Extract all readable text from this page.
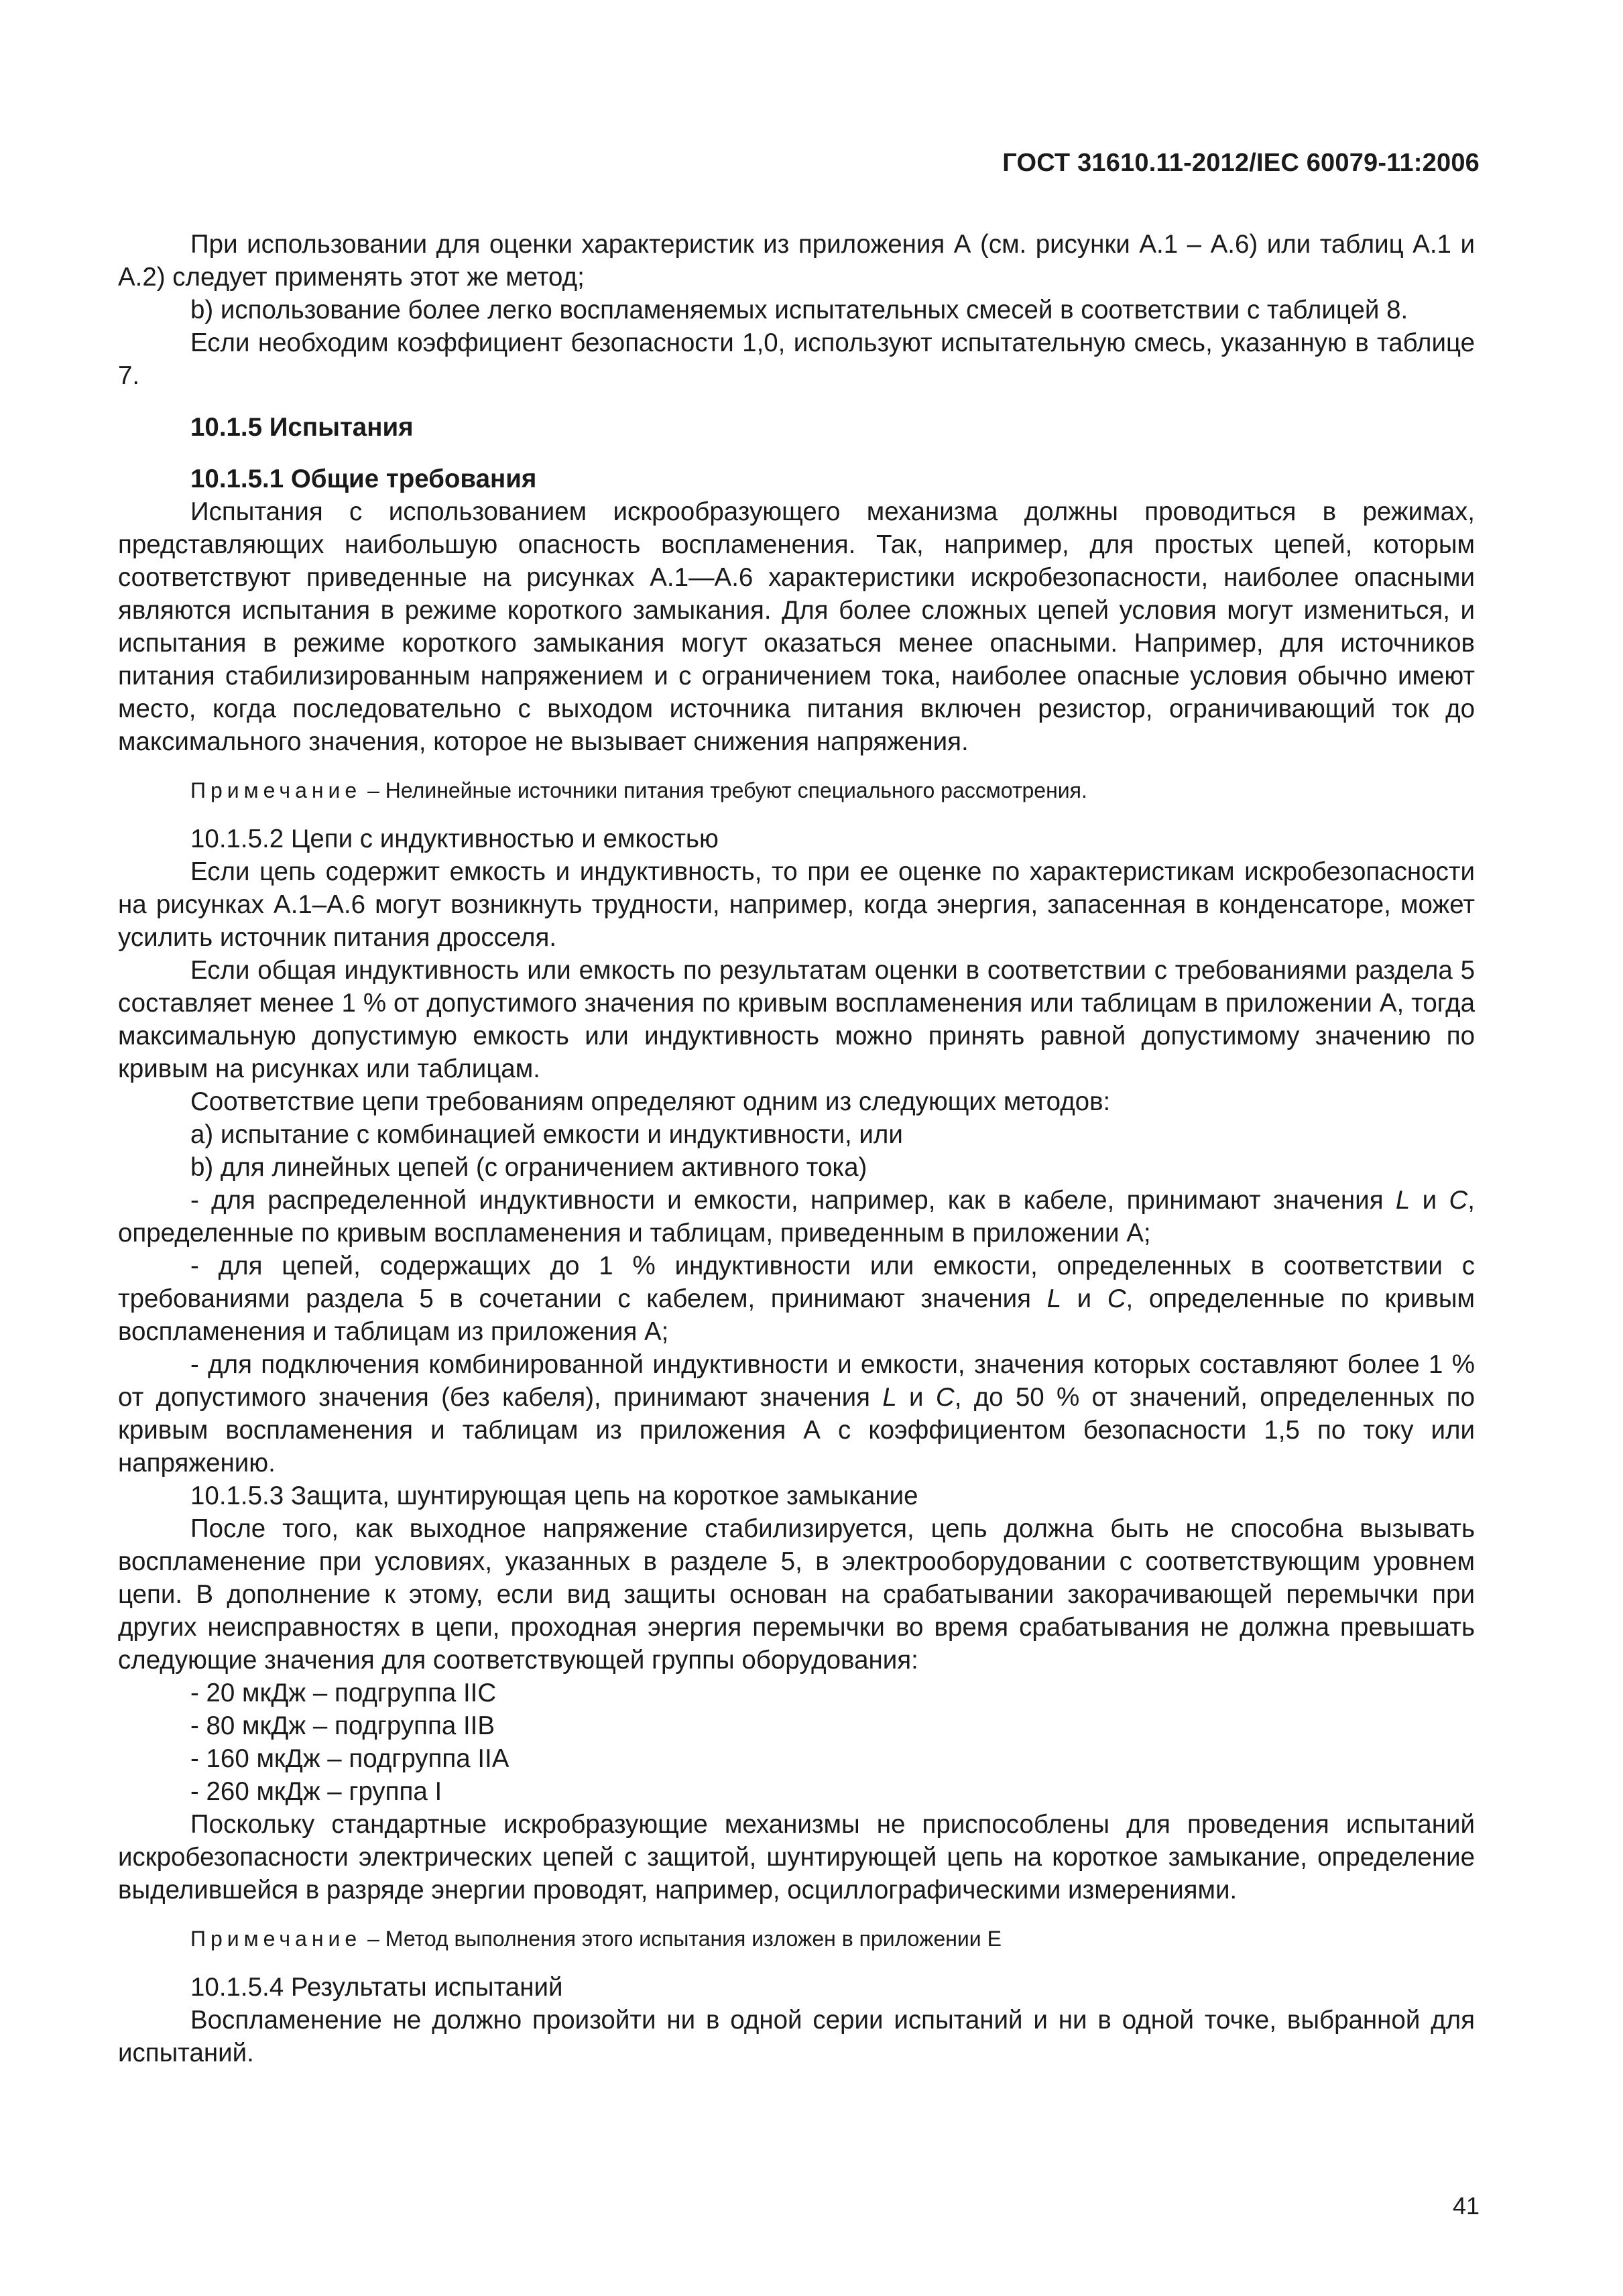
ГОСТ 31610.11-2012/IEC 60079-11:2006

При использовании для оценки характеристик из приложения А (см. рисунки А.1 – А.6) или таблиц А.1 и А.2) следует применять этот же метод;

b) использование более легко воспламеняемых испытательных смесей в соответствии с таблицей 8.

Если необходим коэффициент безопасности 1,0, используют испытательную смесь, указанную в таблице 7.

10.1.5 Испытания

10.1.5.1 Общие требования

Испытания с использованием искрообразующего механизма должны проводиться в режимах, представляющих наибольшую опасность воспламенения. Так, например, для простых цепей, которым соответствуют приведенные на рисунках А.1—А.6 характеристики искробезопасности, наиболее опасными являются испытания в режиме короткого замыкания. Для более сложных цепей условия могут измениться, и испытания в режиме короткого замыкания могут оказаться менее опасными. Например, для источников питания стабилизированным напряжением и с ограничением тока, наиболее опасные условия обычно имеют место, когда последовательно с выходом источника питания включен резистор, ограничивающий ток до максимального значения, которое не вызывает снижения напряжения.

Примечание – Нелинейные источники питания требуют специального рассмотрения.

10.1.5.2 Цепи с индуктивностью и емкостью

Если цепь содержит емкость и индуктивность, то при ее оценке по характеристикам искробезопасности на рисунках А.1–А.6 могут возникнуть трудности, например, когда энергия, запасенная в конденсаторе, может усилить источник питания дросселя.

Если общая индуктивность или емкость по результатам оценки в соответствии с требованиями раздела 5 составляет менее 1 % от допустимого значения по кривым воспламенения или таблицам в приложении А, тогда максимальную допустимую емкость или индуктивность можно принять равной допустимому значению по кривым на рисунках или таблицам.

Соответствие цепи требованиям определяют одним из следующих методов:

а) испытание с комбинацией емкости и индуктивности, или

b) для линейных цепей (с ограничением активного тока)

- для распределенной индуктивности и емкости, например, как в кабеле, принимают значения L и C, определенные по кривым воспламенения и таблицам, приведенным в приложении А;

- для цепей, содержащих до 1 % индуктивности или емкости, определенных в соответствии с требованиями раздела 5 в сочетании с кабелем, принимают значения L и C, определенные по кривым воспламенения и таблицам из приложения А;

- для подключения комбинированной индуктивности и емкости, значения которых составляют более 1 % от допустимого значения (без кабеля), принимают значения L и C, до 50 % от значений, определенных по кривым воспламенения и таблицам из приложения А с коэффициентом безопасности 1,5 по току или напряжению.

10.1.5.3 Защита, шунтирующая цепь на короткое замыкание

После того, как выходное напряжение стабилизируется, цепь должна быть не способна вызывать воспламенение при условиях, указанных в разделе 5, в электрооборудовании с соответствующим уровнем цепи. В дополнение к этому, если вид защиты основан на срабатывании закорачивающей перемычки при других неисправностях в цепи, проходная энергия перемычки во время срабатывания не должна превышать следующие значения для соответствующей группы оборудования:

- 20 мкДж – подгруппа IIC

- 80 мкДж – подгруппа IIB

- 160 мкДж – подгруппа IIA

- 260 мкДж – группа I

Поскольку стандартные искробразующие механизмы не приспособлены для проведения испытаний искробезопасности электрических цепей с защитой, шунтирующей цепь на короткое замыкание, определение выделившейся в разряде энергии проводят, например, осциллографическими измерениями.

Примечание – Метод выполнения этого испытания изложен в приложении Е

10.1.5.4 Результаты испытаний

Воспламенение не должно произойти ни в одной серии испытаний и ни в одной точке, выбранной для испытаний.

41
